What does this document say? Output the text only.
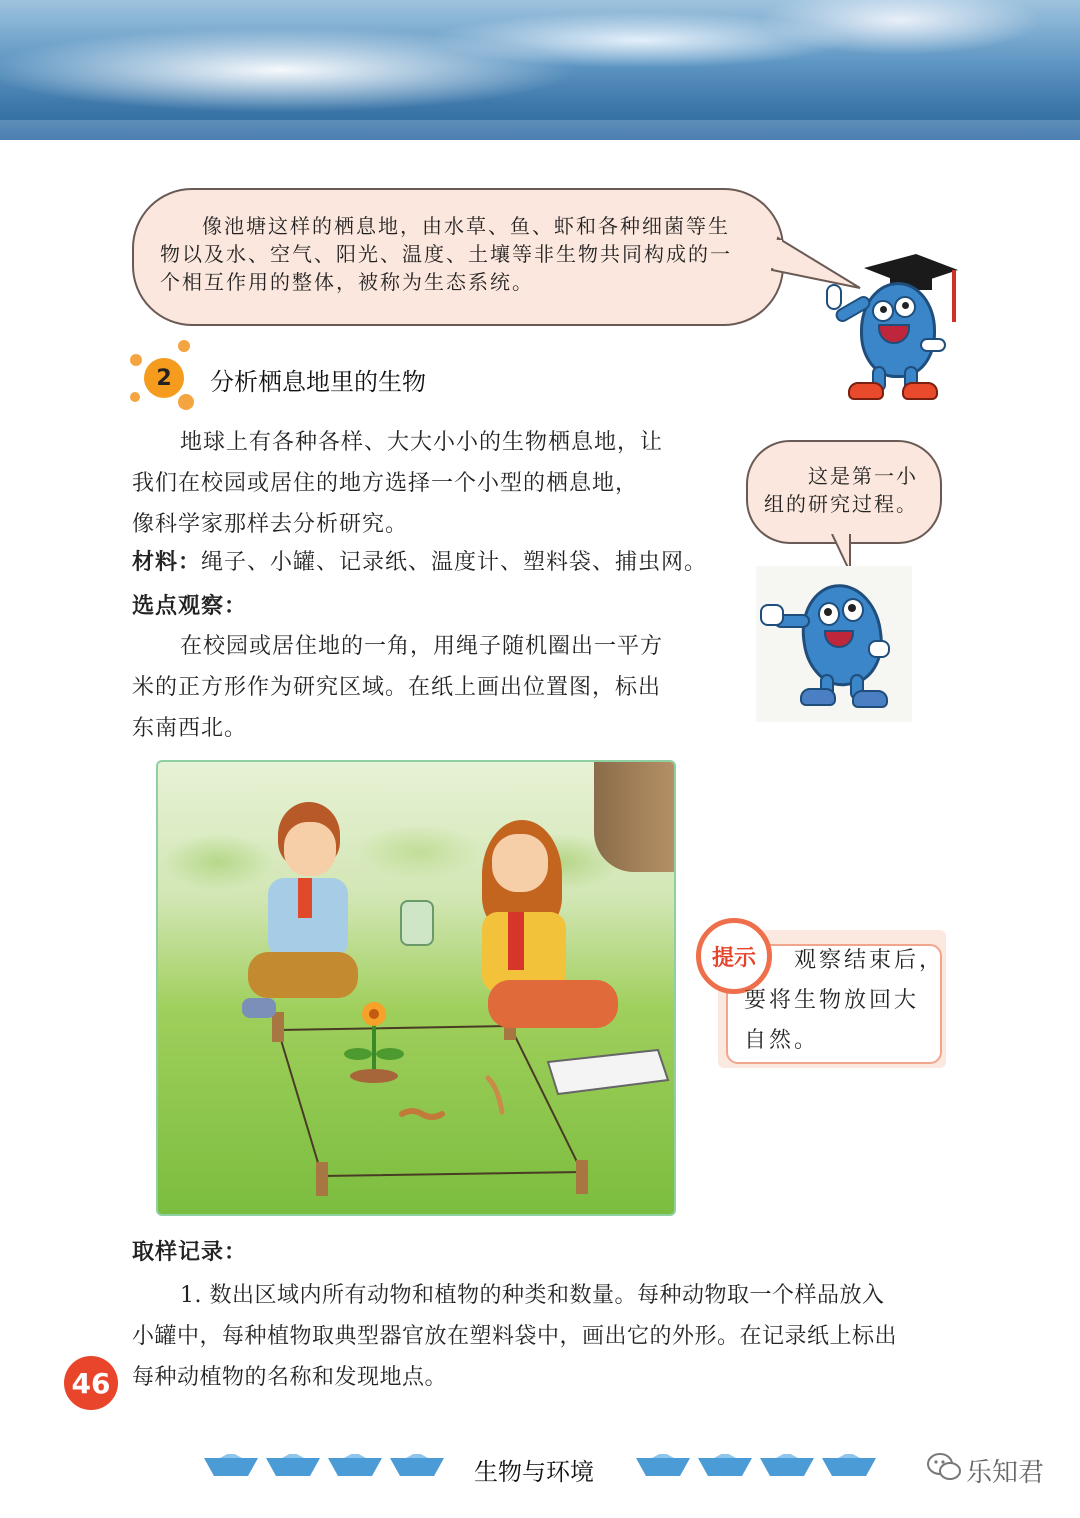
像池塘这样的栖息地，由水草、鱼、虾和各种细菌等生
物以及水、空气、阳光、温度、土壤等非生物共同构成的一
个相互作用的整体，被称为生态系统。
2	分析栖息地里的生物
地球上有各种各样、大大小小的生物栖息地，让
我们在校园或居住的地方选择一个小型的栖息地，
像科学家那样去分析研究。
材料：绳子、小罐、记录纸、温度计、塑料袋、捕虫网。
选点观察：
在校园或居住地的一角，用绳子随机圈出一平方
米的正方形作为研究区域。在纸上画出位置图，标出
东南西北。
这是第一小
组的研究过程。
提示 观察结束后，
要将生物放回大
自然。
取样记录：
1. 数出区域内所有动物和植物的种类和数量。每种动物取一个样品放入
小罐中，每种植物取典型器官放在塑料袋中，画出它的外形。在记录纸上标出
每种动植物的名称和发现地点。
46
生物与环境	乐知君
